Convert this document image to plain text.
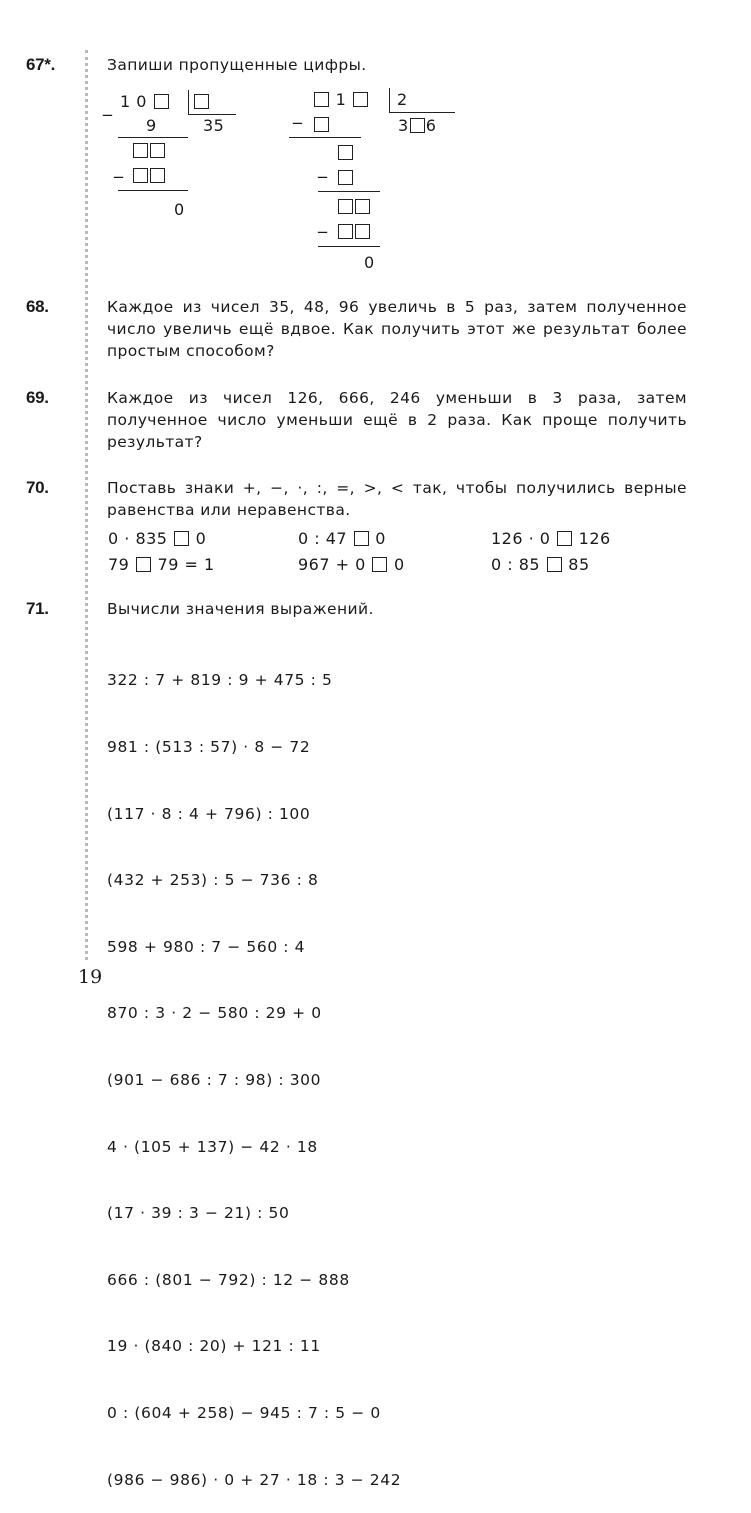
67*.	Запиши пропущенные цифры.
_ 1 0
9	35
_
0
_
1	2
3 6
_
_
0
68.	Каждое из чисел 35, 48, 96 увеличь в 5 раз, затем полученное число увеличь ещё вдвое. Как получить этот же результат более простым способом?
69.	Каждое из чисел 126, 666, 246 уменьши в 3 раза, затем полученное число уменьши ещё в 2 раза. Как проще получить результат?
70.	Поставь знаки +, −, ·, :, =, >, < так, чтобы получились верные равенства или неравенства.
0 · 835 0	0 : 47 0	126 · 0 126
79 79 = 1	967 + 0 0	0 : 85 85
71.	Вычисли значения выражений.

322 : 7 + 819 : 9 + 475 : 5

981 : (513 : 57) · 8 − 72

(117 · 8 : 4 + 796) : 100

(432 + 253) : 5 − 736 : 8

598 + 980 : 7 − 560 : 4

870 : 3 · 2 − 580 : 29 + 0

(901 − 686 : 7 : 98) : 300

4 · (105 + 137) − 42 · 18

(17 · 39 : 3 − 21) : 50

666 : (801 − 792) : 12 − 888

19 · (840 : 20) + 121 : 11

0 : (604 + 258) − 945 : 7 : 5 − 0

(986 − 986) · 0 + 27 · 18 : 3 − 242

19
